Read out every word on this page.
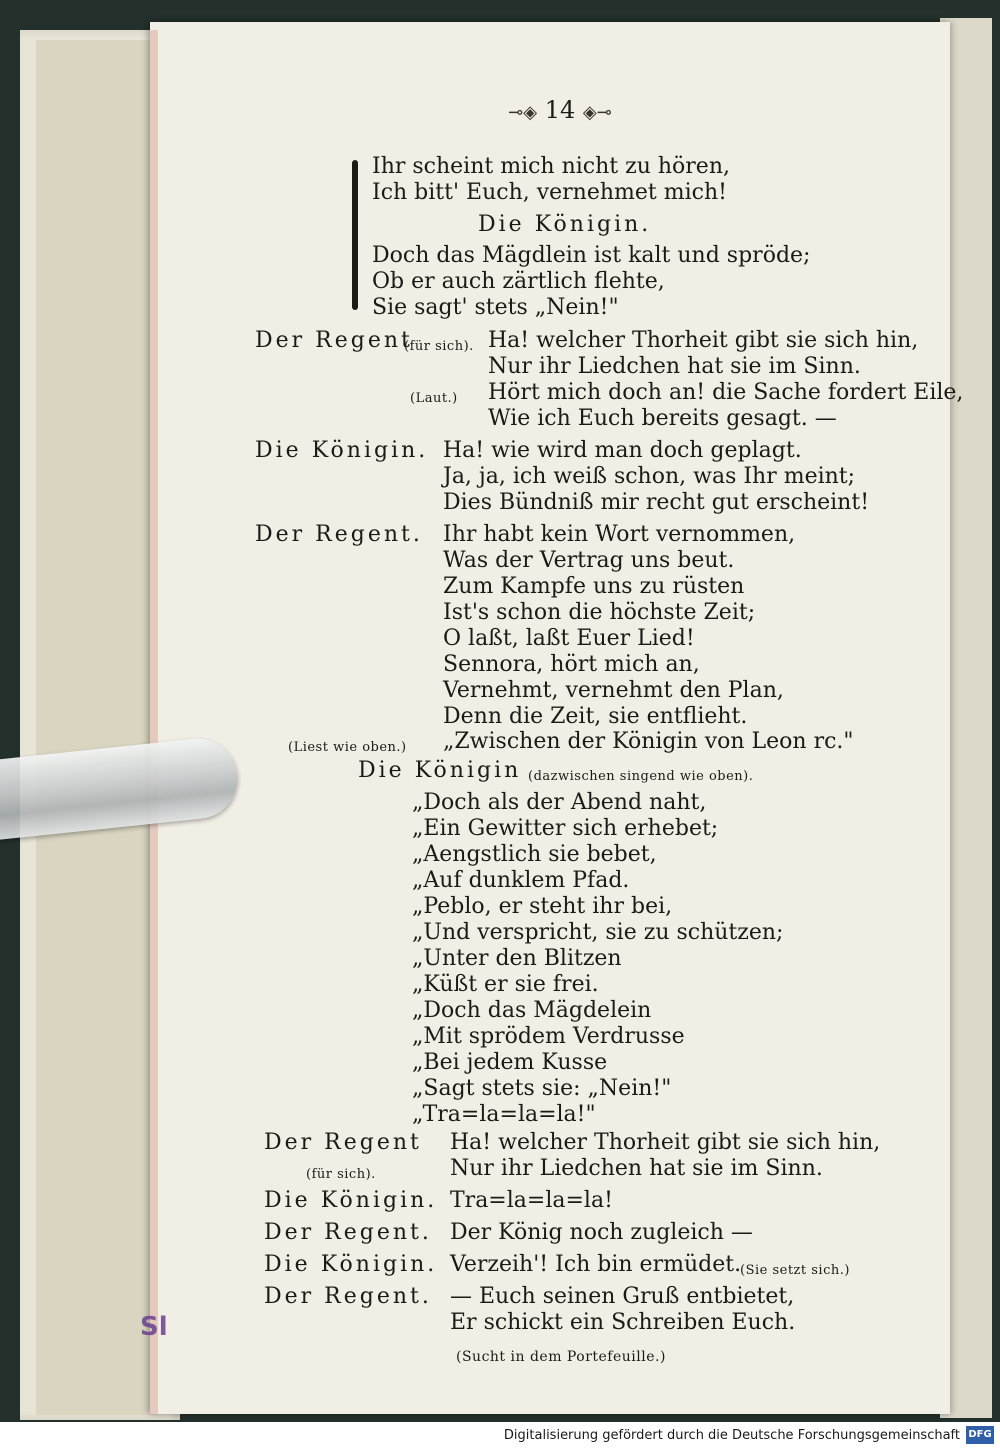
⊸◈ 14 ◈⊸
Ihr scheint mich nicht zu hören,
Ich bitt' Euch, vernehmet mich!
Die Königin.
Doch das Mägdlein ist kalt und spröde;
Ob er auch zärtlich flehte,
Sie sagt' stets „Nein!"
Der Regent
(für sich). Ha! welcher Thorheit gibt sie sich hin,
Nur ihr Liedchen hat sie im Sinn.
(Laut.) Hört mich doch an! die Sache fordert Eile,
Wie ich Euch bereits gesagt. —
Die Königin. Ha! wie wird man doch geplagt.
Ja, ja, ich weiß schon, was Ihr meint;
Dies Bündniß mir recht gut erscheint!
Der Regent. Ihr habt kein Wort vernommen,
Was der Vertrag uns beut.
Zum Kampfe uns zu rüsten
Ist's schon die höchste Zeit;
O laßt, laßt Euer Lied!
Sennora, hört mich an,
Vernehmt, vernehmt den Plan,
Denn die Zeit, sie entflieht.
(Liest wie oben.) „Zwischen der Königin von Leon rc."
Die Königin (dazwischen singend wie oben).
„Doch als der Abend naht,
„Ein Gewitter sich erhebet;
„Aengstlich sie bebet,
„Auf dunklem Pfad.
„Peblo, er steht ihr bei,
„Und verspricht, sie zu schützen;
„Unter den Blitzen
„Küßt er sie frei.
„Doch das Mägdelein
„Mit sprödem Verdrusse
„Bei jedem Kusse
„Sagt stets sie: „Nein!"
„Tra=la=la=la!"
Der Regent Ha! welcher Thorheit gibt sie sich hin,
(für sich).	Nur ihr Liedchen hat sie im Sinn.
Die Königin. Tra=la=la=la!
Der Regent. Der König noch zugleich —
Die Königin. Verzeih'! Ich bin ermüdet.
(Sie setzt sich.)
Der Regent. — Euch seinen Gruß entbietet,
Er schickt ein Schreiben Euch.
(Sucht in dem Portefeuille.)
Sl
Digitalisierung gefördert durch die Deutsche Forschungsgemeinschaft DFG
